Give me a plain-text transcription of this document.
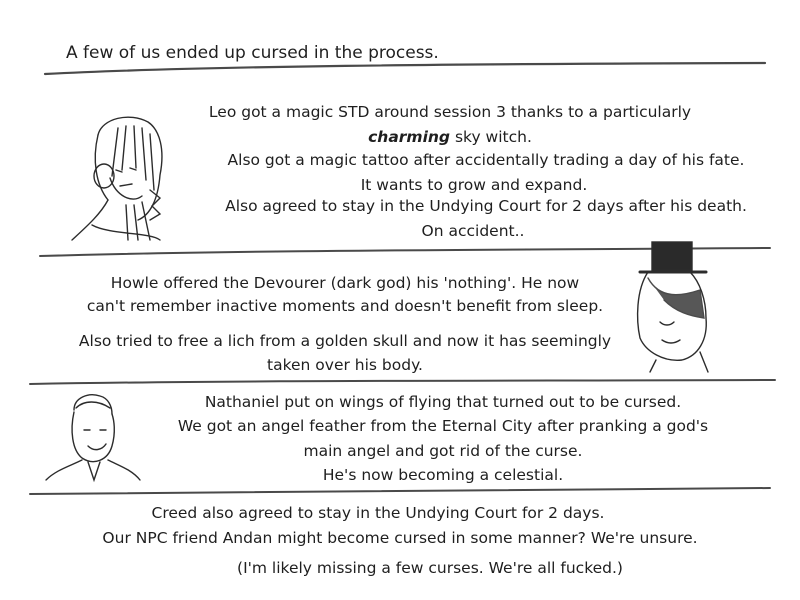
A few of us ended up cursed in the process.
Leo got a magic STD around session 3 thanks to a particularly
charming sky witch.
Also got a magic tattoo after accidentally trading a day of his fate.
It wants to grow and expand.
Also agreed to stay in the Undying Court for 2 days after his death.
On accident..
Howle offered the Devourer (dark god) his 'nothing'. He now
can't remember inactive moments and doesn't benefit from sleep.
Also tried to free a lich from a golden skull and now it has seemingly
taken over his body.
Nathaniel put on wings of flying that turned out to be cursed.
We got an angel feather from the Eternal City after pranking a god's
main angel and got rid of the curse.
He's now becoming a celestial.
Creed also agreed to stay in the Undying Court for 2 days.
Our NPC friend Andan might become cursed in some manner? We're unsure.
(I'm likely missing a few curses. We're all fucked.)
